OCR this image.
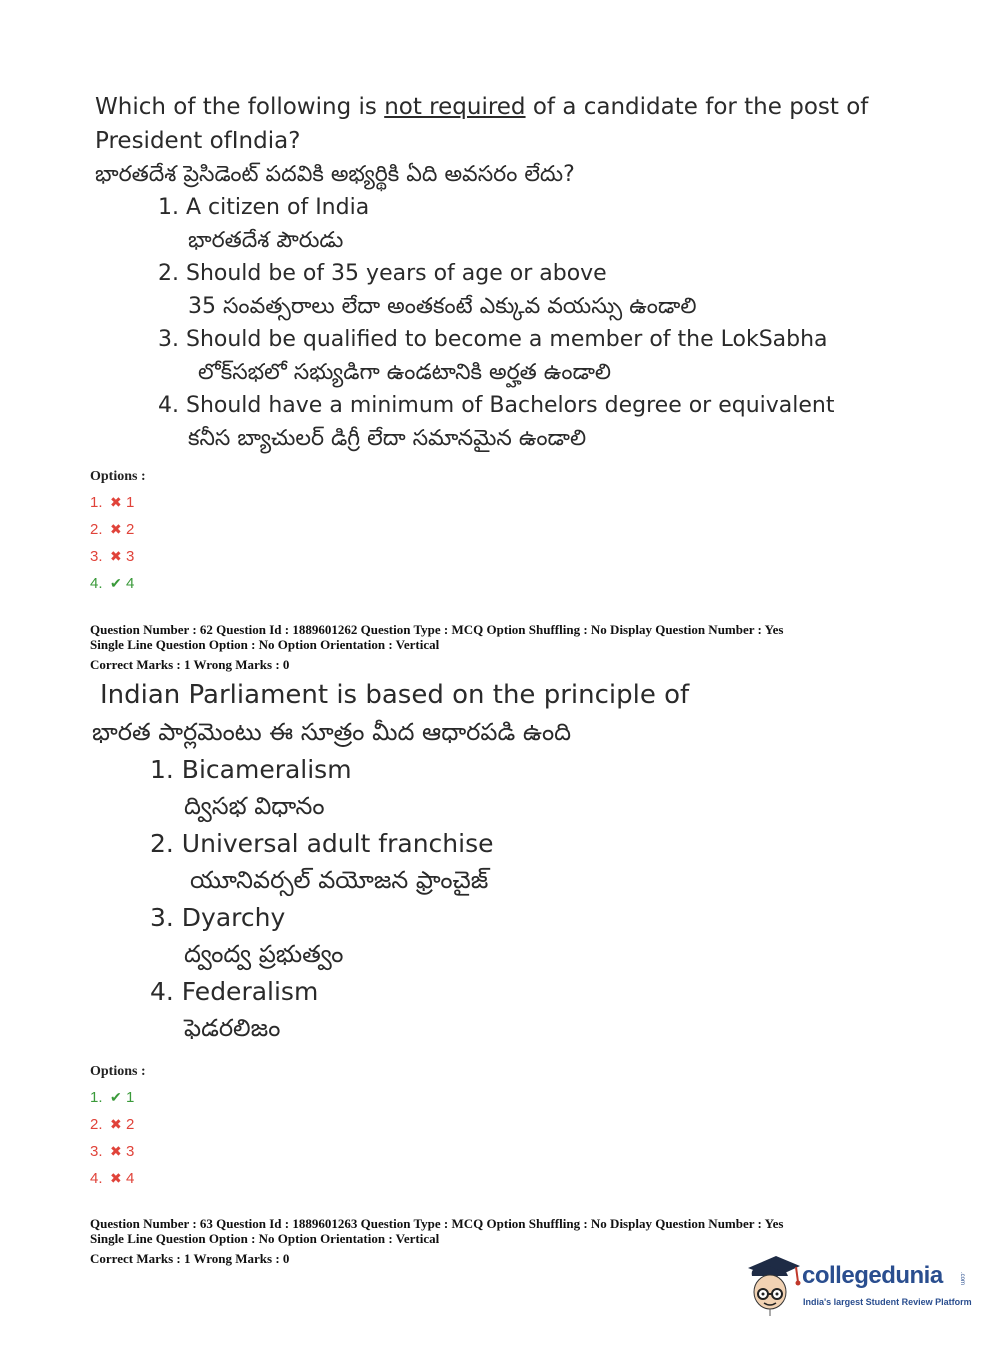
Which of the following is not required of a candidate for the post of
President ofIndia?
భారతదేశ ప్రెసిడెంట్ పదవికి అభ్యర్థికి ఏది అవసరం లేదు?
1. A citizen of India
భారతదేశ పౌరుడు
2. Should be of 35 years of age or above
35 సంవత్సరాలు లేదా అంతకంటే ఎక్కువ వయస్సు ఉండాలి
3. Should be qualified to become a member of the LokSabha
లోక్‌సభలో సభ్యుడిగా ఉండటానికి అర్హత ఉండాలి
4. Should have a minimum of Bachelors degree or equivalent
కనీస బ్యాచులర్ డిగ్రీ లేదా సమానమైన ఉండాలి
Options :
1. ✖ 1
2. ✖ 2
3. ✖ 3
4. ✔ 4
Question Number : 62 Question Id : 1889601262 Question Type : MCQ Option Shuffling : No Display Question Number : Yes
Single Line Question Option : No Option Orientation : Vertical
Correct Marks : 1 Wrong Marks : 0
Indian Parliament is based on the principle of
భారత పార్లమెంటు ఈ సూత్రం మీద ఆధారపడి ఉంది
1. Bicameralism
ద్విసభ విధానం
2. Universal adult franchise
యూనివర్సల్ వయోజన ఫ్రాంచైజ్
3. Dyarchy
ద్వంద్వ ప్రభుత్వం
4. Federalism
ఫెడరలిజం
Options :
1. ✔ 1
2. ✖ 2
3. ✖ 3
4. ✖ 4
Question Number : 63 Question Id : 1889601263 Question Type : MCQ Option Shuffling : No Display Question Number : Yes
Single Line Question Option : No Option Orientation : Vertical
Correct Marks : 1 Wrong Marks : 0
collegedunia	.com
India's largest Student Review Platform
